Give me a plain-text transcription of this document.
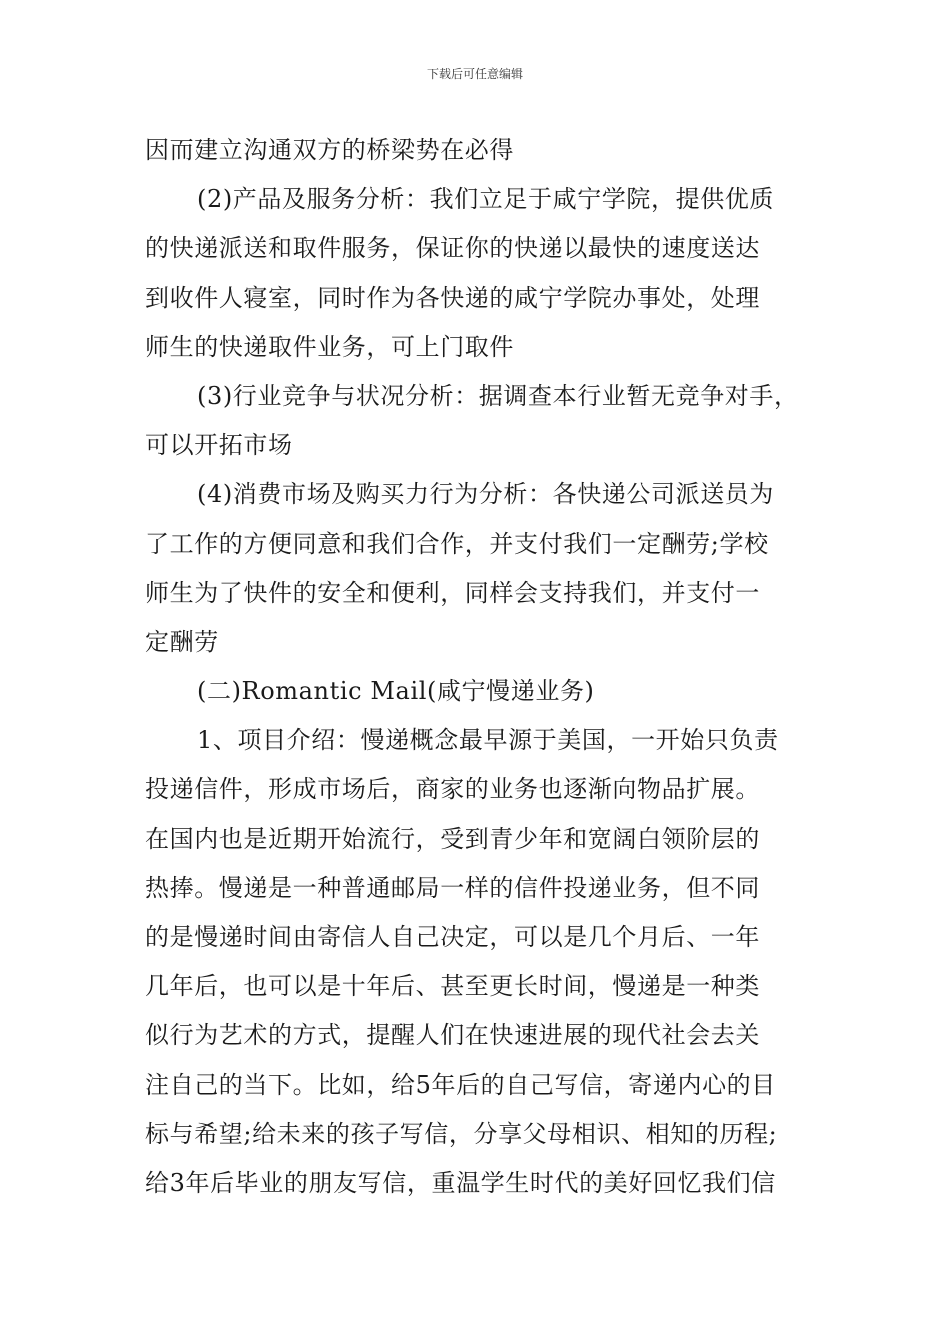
下载后可任意编辑
因而建立沟通双方的桥梁势在必得
(2)产品及服务分析：我们立足于咸宁学院，提供优质
的快递派送和取件服务，保证你的快递以最快的速度送达
到收件人寝室，同时作为各快递的咸宁学院办事处，处理
师生的快递取件业务，可上门取件
(3)行业竞争与状况分析：据调查本行业暂无竞争对手，
可以开拓市场
(4)消费市场及购买力行为分析：各快递公司派送员为
了工作的方便同意和我们合作，并支付我们一定酬劳;学校
师生为了快件的安全和便利，同样会支持我们，并支付一
定酬劳
(二)Romantic Mail(咸宁慢递业务)
1、项目介绍：慢递概念最早源于美国，一开始只负责
投递信件，形成市场后，商家的业务也逐渐向物品扩展。
在国内也是近期开始流行，受到青少年和宽阔白领阶层的
热捧。慢递是一种普通邮局一样的信件投递业务，但不同
的是慢递时间由寄信人自己决定，可以是几个月后、一年
几年后，也可以是十年后、甚至更长时间，慢递是一种类
似行为艺术的方式，提醒人们在快速进展的现代社会去关
注自己的当下。比如，给5年后的自己写信，寄递内心的目
标与希望;给未来的孩子写信，分享父母相识、相知的历程;
给3年后毕业的朋友写信，重温学生时代的美好回忆我们信
